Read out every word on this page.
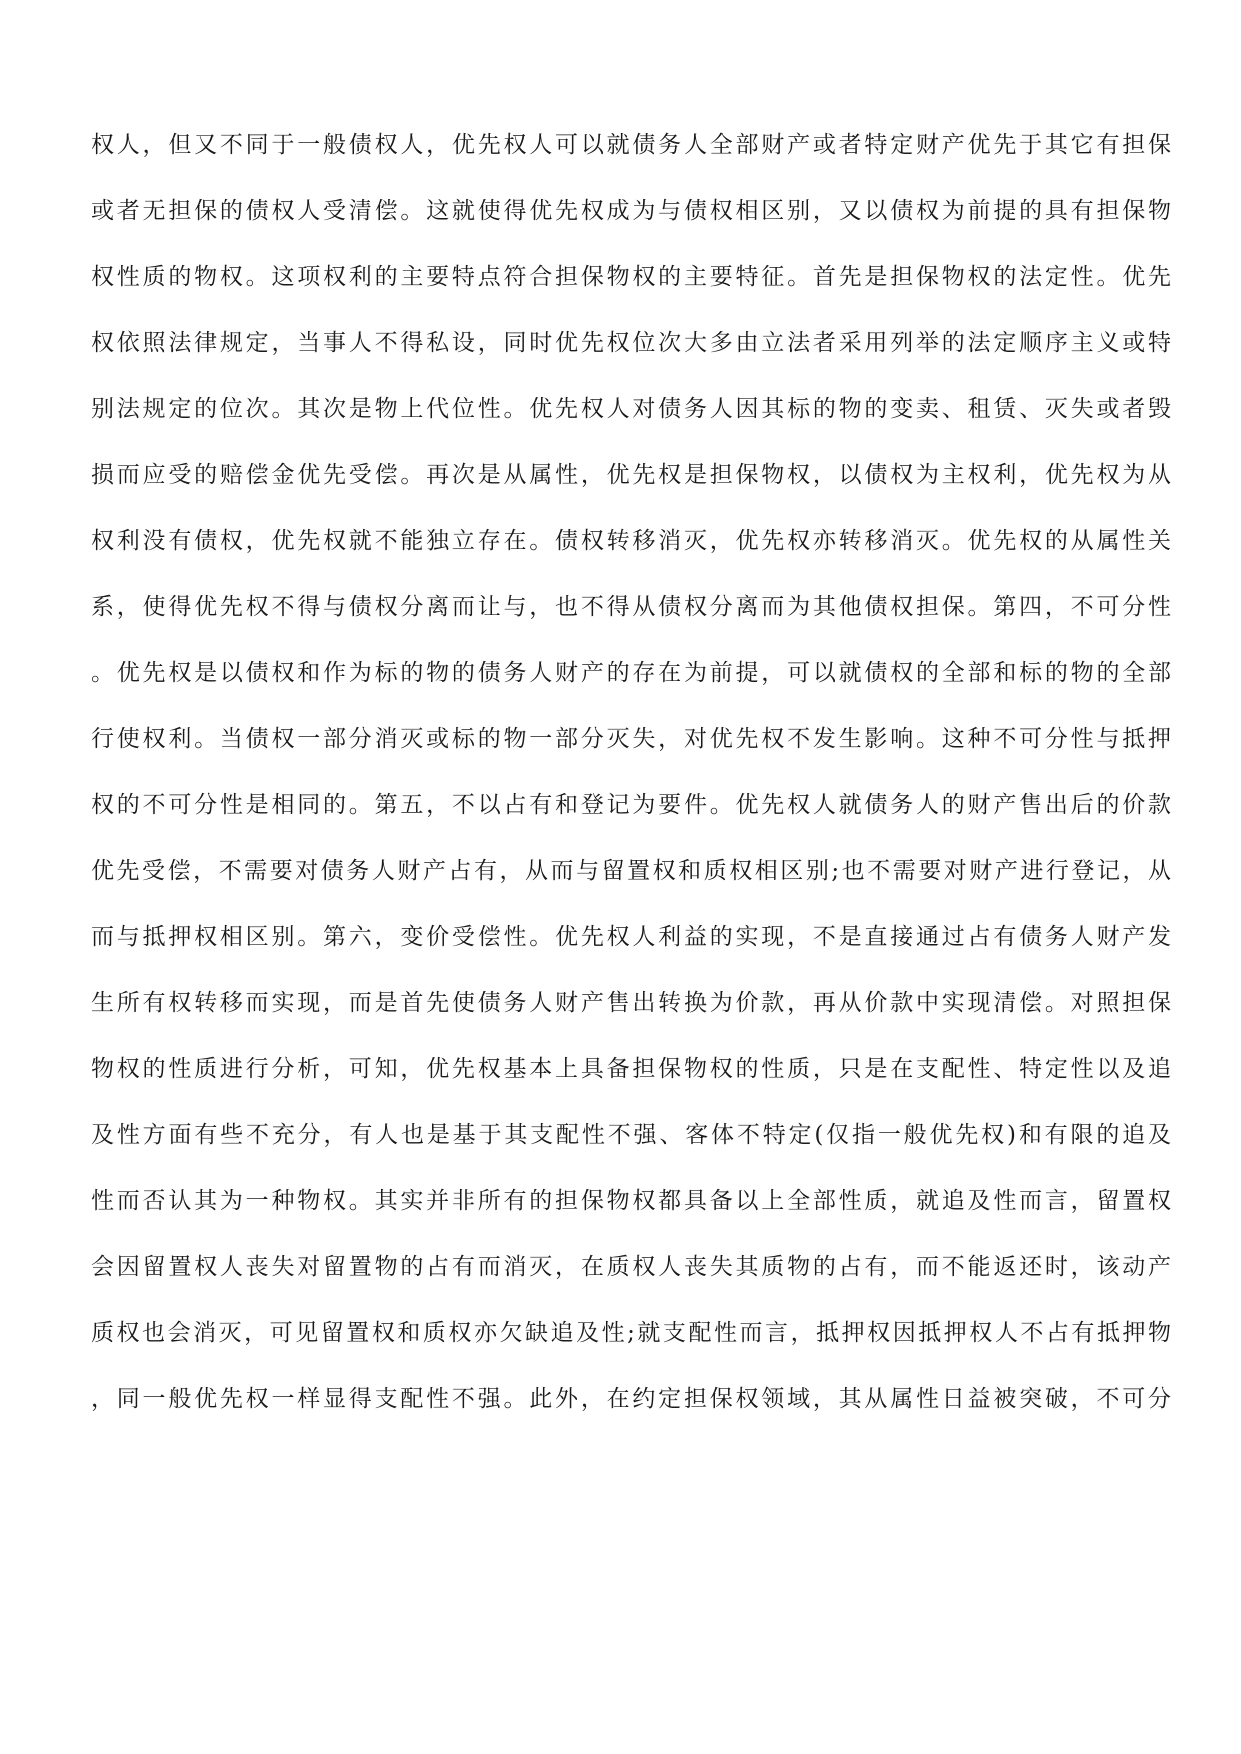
权人，但又不同于一般债权人，优先权人可以就债务人全部财产或者特定财产优先于其它有担保
或者无担保的债权人受清偿。这就使得优先权成为与债权相区别，又以债权为前提的具有担保物
权性质的物权。这项权利的主要特点符合担保物权的主要特征。首先是担保物权的法定性。优先
权依照法律规定，当事人不得私设，同时优先权位次大多由立法者采用列举的法定顺序主义或特
别法规定的位次。其次是物上代位性。优先权人对债务人因其标的物的变卖、租赁、灭失或者毁
损而应受的赔偿金优先受偿。再次是从属性，优先权是担保物权，以债权为主权利，优先权为从
权利没有债权，优先权就不能独立存在。债权转移消灭，优先权亦转移消灭。优先权的从属性关
系，使得优先权不得与债权分离而让与，也不得从债权分离而为其他债权担保。第四，不可分性
。优先权是以债权和作为标的物的债务人财产的存在为前提，可以就债权的全部和标的物的全部
行使权利。当债权一部分消灭或标的物一部分灭失，对优先权不发生影响。这种不可分性与抵押
权的不可分性是相同的。第五，不以占有和登记为要件。优先权人就债务人的财产售出后的价款
优先受偿，不需要对债务人财产占有，从而与留置权和质权相区别;也不需要对财产进行登记，从
而与抵押权相区别。第六，变价受偿性。优先权人利益的实现，不是直接通过占有债务人财产发
生所有权转移而实现，而是首先使债务人财产售出转换为价款，再从价款中实现清偿。对照担保
物权的性质进行分析，可知，优先权基本上具备担保物权的性质，只是在支配性、特定性以及追
及性方面有些不充分，有人也是基于其支配性不强、客体不特定(仅指一般优先权)和有限的追及
性而否认其为一种物权。其实并非所有的担保物权都具备以上全部性质，就追及性而言，留置权
会因留置权人丧失对留置物的占有而消灭，在质权人丧失其质物的占有，而不能返还时，该动产
质权也会消灭，可见留置权和质权亦欠缺追及性;就支配性而言，抵押权因抵押权人不占有抵押物
，同一般优先权一样显得支配性不强。此外，在约定担保权领域，其从属性日益被突破，不可分
